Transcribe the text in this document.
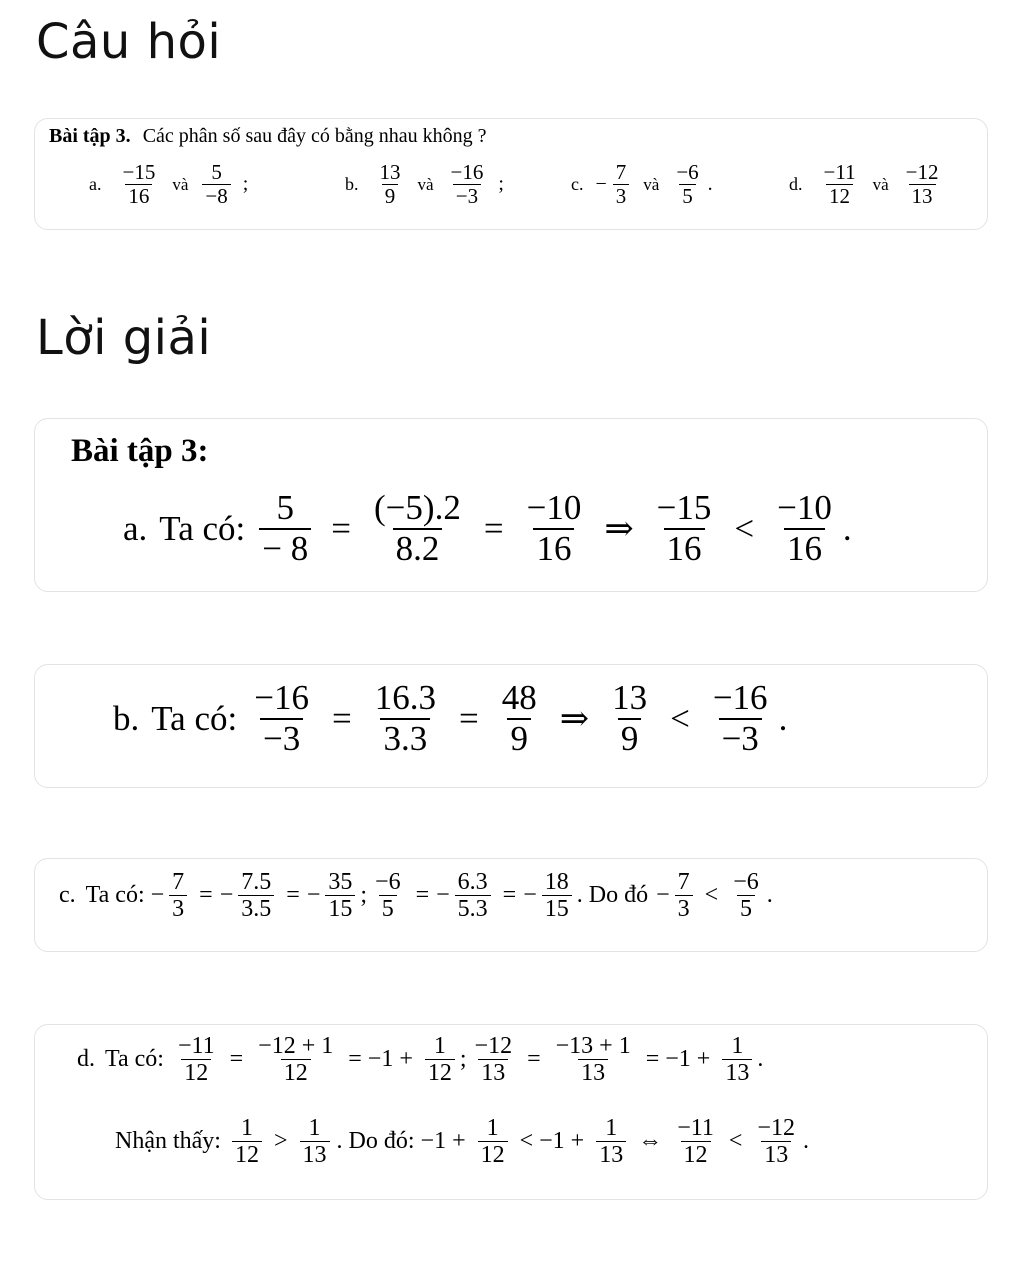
Câu hỏi
Lời giải
Bài tập 3. Các phân số sau đây có bằng nhau không ?
a. $\frac{-15}{16}$ và $\frac{5}{-8}$ ;	b. $\frac{13}{9}$ và $\frac{-16}{-3}$ ;	c. − $\frac{7}{3}$ và $\frac{-6}{5}$ .	d. $\frac{-11}{12}$ và $\frac{-12}{13}$
Bài tập 3:
a. Ta có: $\frac{5}{- 8} = \frac{(-5).2}{8.2} = \frac{-10}{16}$ ⇒ $\frac{-15}{16} < \frac{-10}{16}$ .
b. Ta có: $\frac{-16}{-3} = \frac{16.3}{3.3} = \frac{48}{9}$ ⇒ $\frac{13}{9} < \frac{-16}{-3}$ .
c. Ta có: − $\frac{7}{3}$ = − $\frac{7.5}{3.5}$ = − $\frac{35}{15}$ ; $\frac{-6}{5}$ = − $\frac{6.3}{5.3}$ = − $\frac{18}{15}$ . Do đó − $\frac{7}{3} < \frac{-6}{5}$ .
d. Ta có: $\frac{-11}{12} = \frac{-12 + 1}{12} = -1 + \frac{1}{12}$ ; $\frac{-12}{13} = \frac{-13 + 1}{13} = -1 + \frac{1}{13}$ .
Nhận thấy: $\frac{1}{12} > \frac{1}{13}$ . Do đó: $-1 + \frac{1}{12} < -1 + \frac{1}{13}$ ⇔ $\frac{-11}{12} < \frac{-12}{13}$ .
